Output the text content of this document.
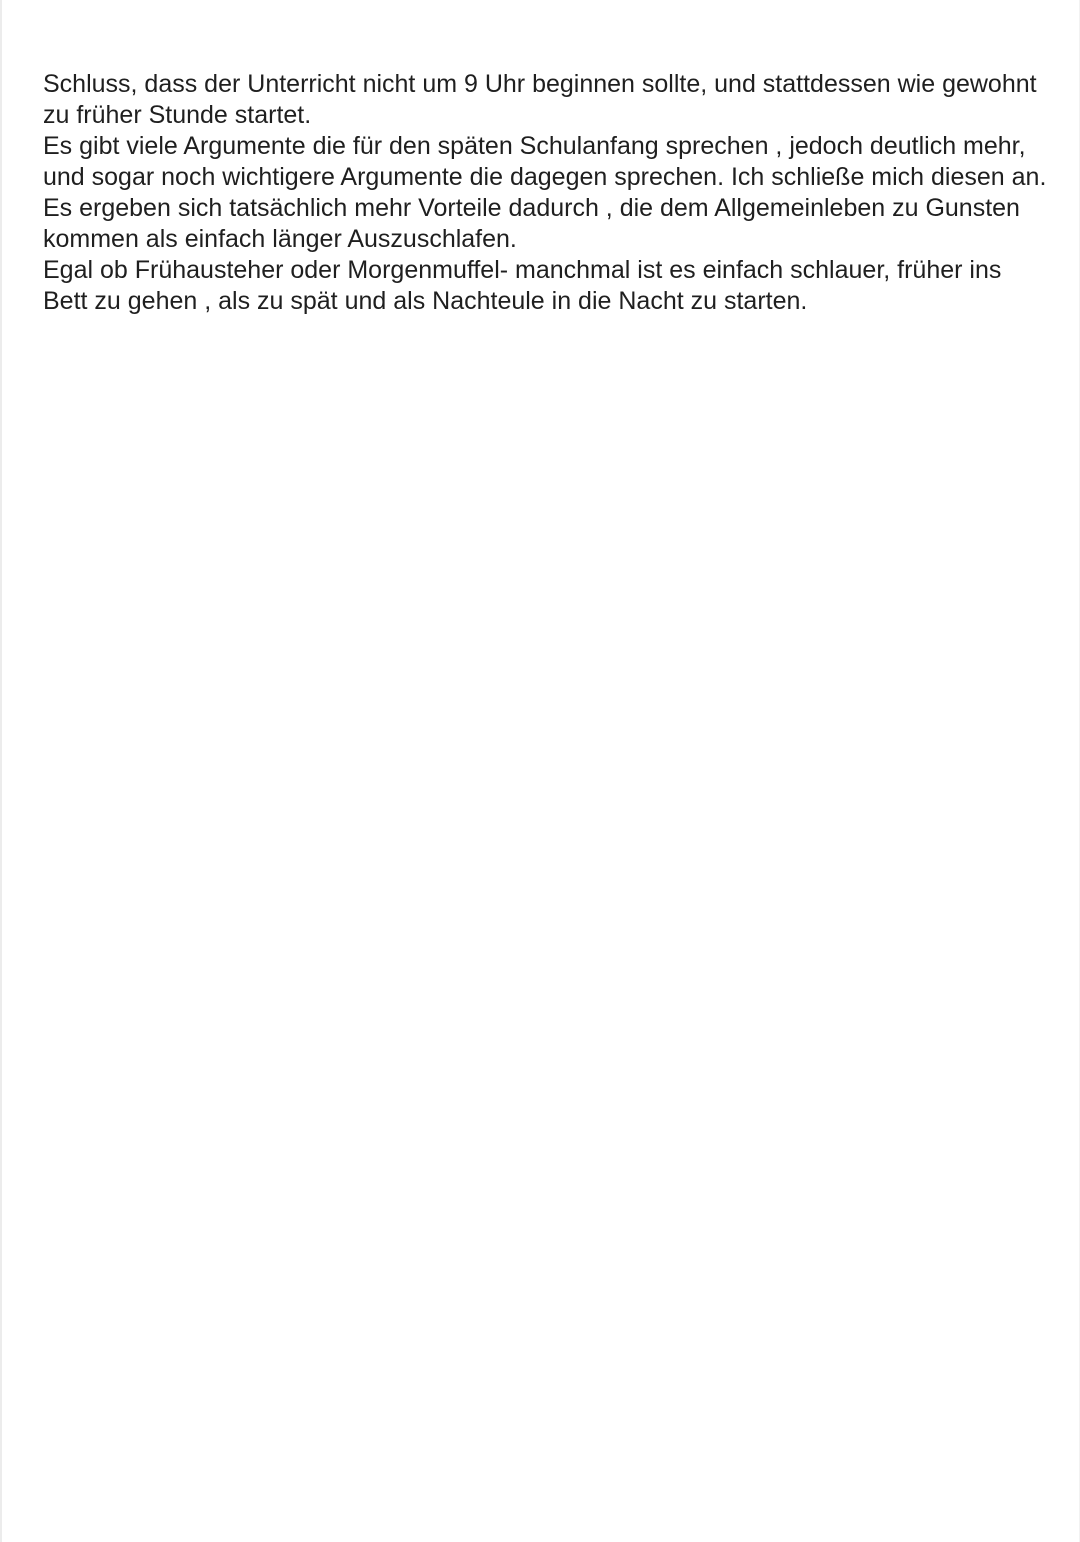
Schluss, dass der Unterricht nicht um 9 Uhr beginnen sollte, und stattdessen wie gewohnt zu früher Stunde startet.

Es gibt viele Argumente die für den späten Schulanfang sprechen , jedoch deutlich mehr, und sogar noch wichtigere Argumente die dagegen sprechen. Ich schließe mich diesen an.

Es ergeben sich tatsächlich mehr Vorteile dadurch , die dem Allgemeinleben zu Gunsten kommen als einfach länger Auszuschlafen.

Egal ob Frühausteher oder Morgenmuffel- manchmal ist es einfach schlauer, früher ins Bett zu gehen , als zu spät und als Nachteule in die Nacht zu starten.
